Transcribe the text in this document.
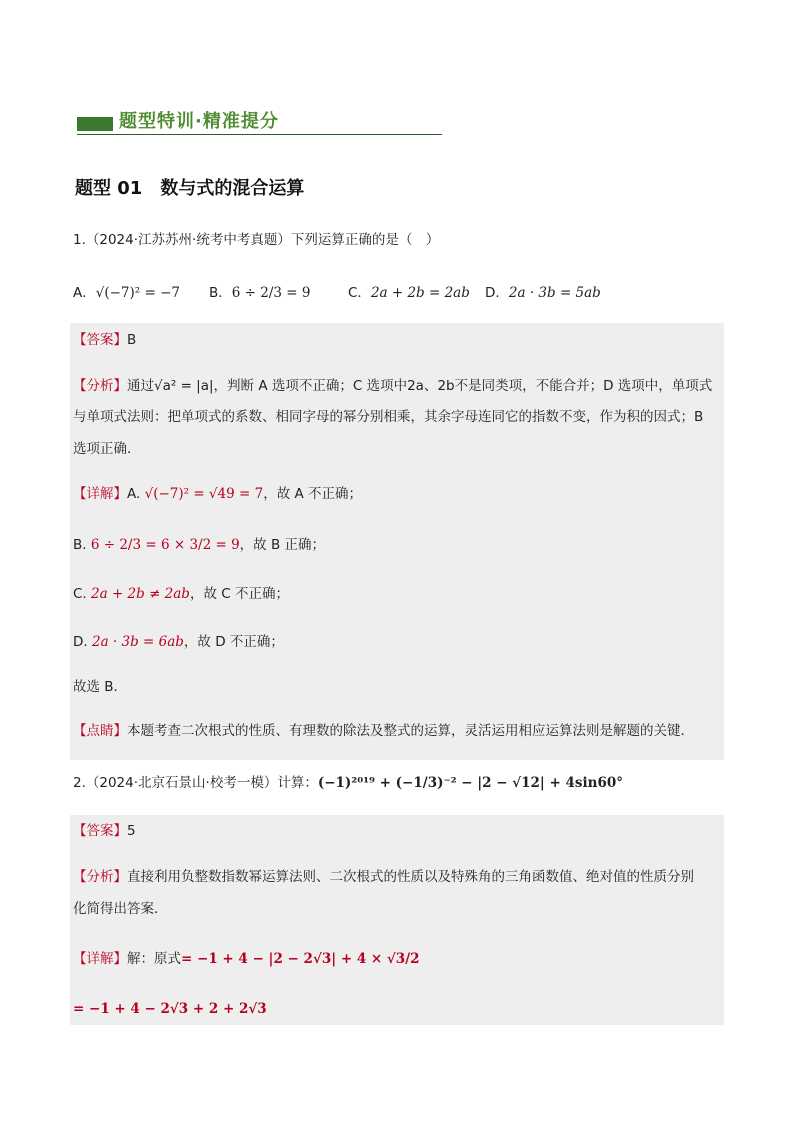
题型特训·精准提分
题型 01 数与式的混合运算
1.（2024·江苏苏州·统考中考真题）下列运算正确的是（　）
A．√(−7)² = −7 B．6 ÷ 2/3 = 9	C．2a + 2b = 2ab D．2a · 3b = 5ab
【答案】B
【分析】通过√a² = |a|，判断 A 选项不正确；C 选项中2a、2b不是同类项，不能合并；D 选项中，单项式
与单项式法则：把单项式的系数、相同字母的幂分别相乘，其余字母连同它的指数不变，作为积的因式；B
选项正确．
【详解】A. √(−7)² = √49 = 7，故 A 不正确；
B. 6 ÷ 2/3 = 6 × 3/2 = 9，故 B 正确；
C. 2a + 2b ≠ 2ab，故 C 不正确；
D. 2a · 3b = 6ab，故 D 不正确；
故选 B．
【点睛】本题考查二次根式的性质、有理数的除法及整式的运算，灵活运用相应运算法则是解题的关键．
2.（2024·北京石景山·校考一模）计算：(−1)²⁰¹⁹ + (−1/3)⁻² − |2 − √12| + 4sin60°
【答案】5
【分析】直接利用负整数指数幂运算法则、二次根式的性质以及特殊角的三角函数值、绝对值的性质分别
化简得出答案．
【详解】解：原式= −1 + 4 − |2 − 2√3| + 4 × √3/2
= −1 + 4 − 2√3 + 2 + 2√3
